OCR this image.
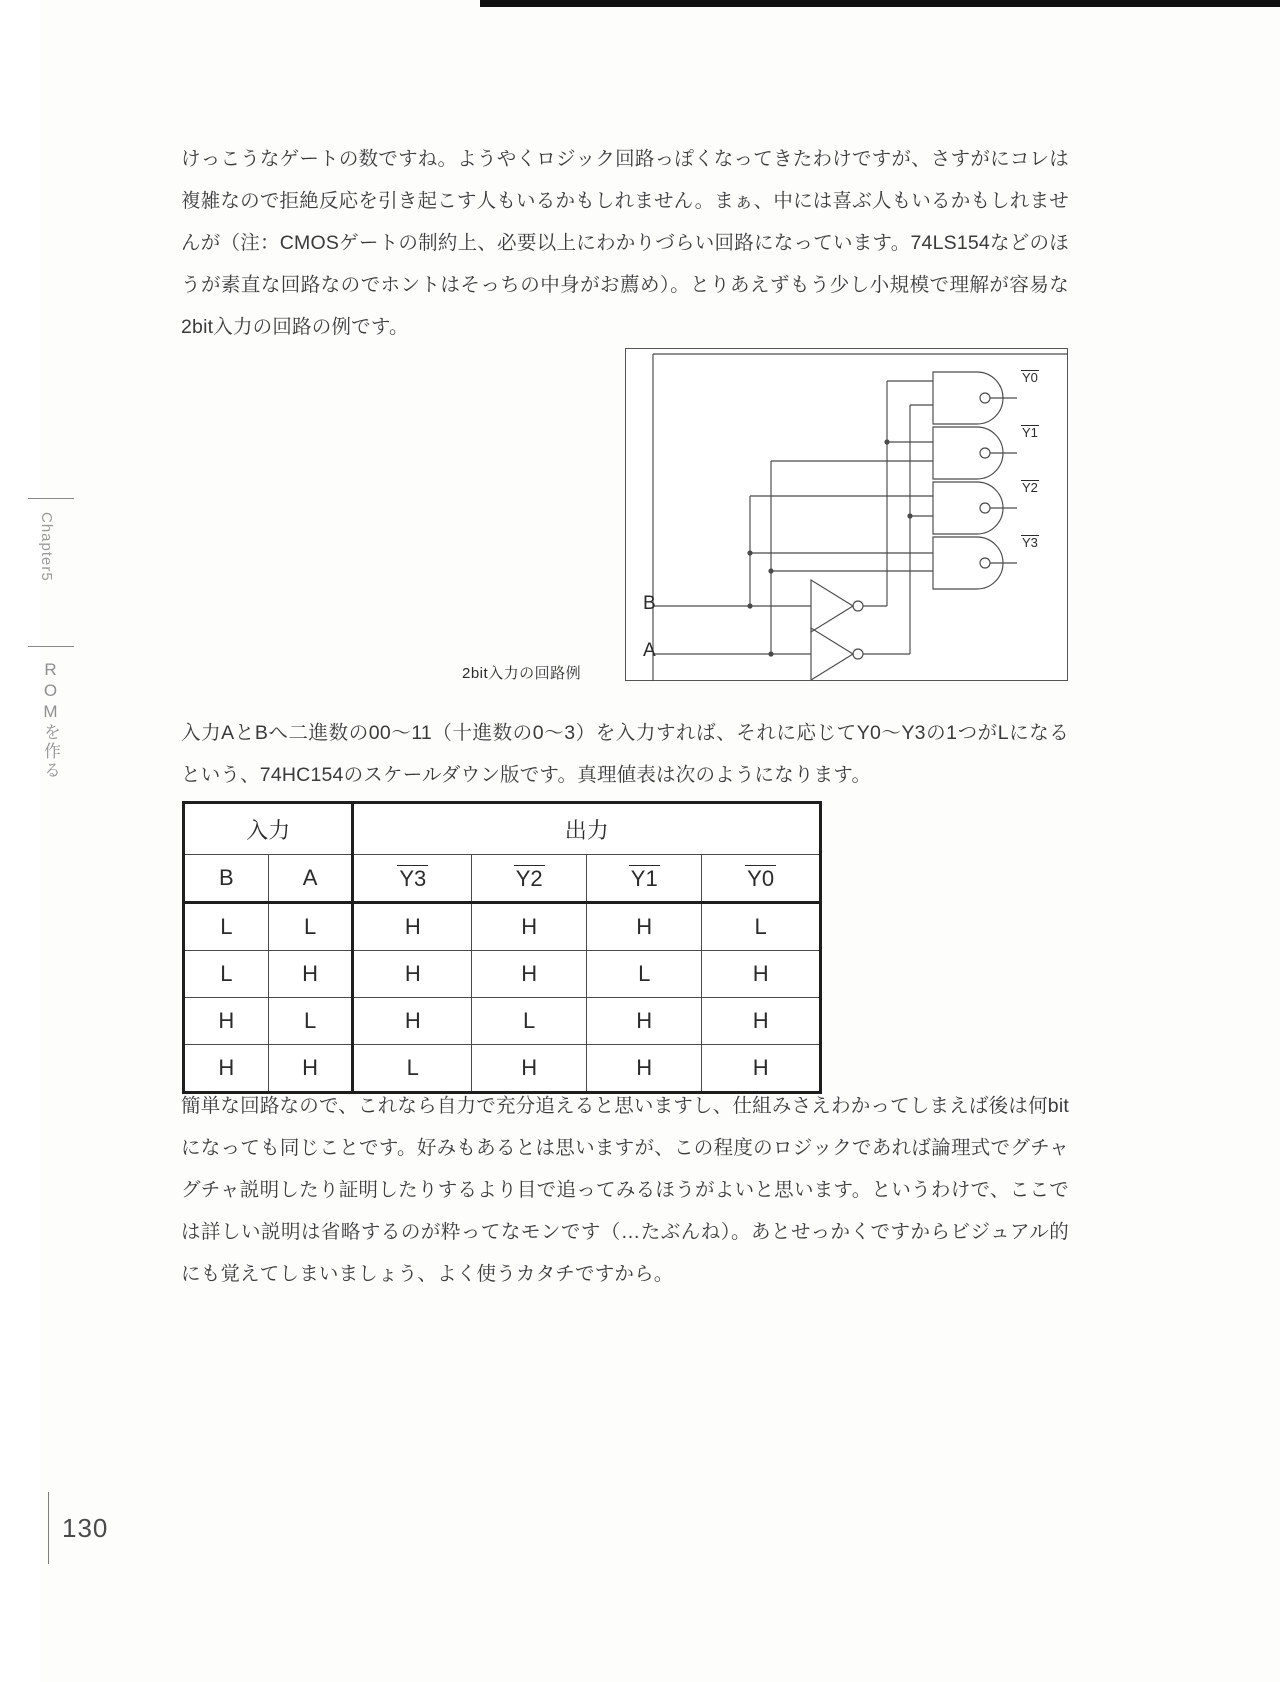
Chapter5
ROMを作る

けっこうなゲートの数ですね。ようやくロジック回路っぽくなってきたわけですが、さすがにコレは複雑なので拒絶反応を引き起こす人もいるかもしれません。まぁ、中には喜ぶ人もいるかもしれませんが（注：CMOSゲートの制約上、必要以上にわかりづらい回路になっています。74LS154などのほうが素直な回路なのでホントはそっちの中身がお薦め）。とりあえずもう少し小規模で理解が容易な2bit入力の回路の例です。

B
A
Y0
Y1
Y2
Y3
2bit入力の回路例

入力AとBへ二進数の00〜11（十進数の0〜3）を入力すれば、それに応じてY0〜Y3の1つがLになるという、74HC154のスケールダウン版です。真理値表は次のようになります。

入力		出力			
B	A	Y3	Y2	Y1	Y0
L	L	H	H	H	L
L	H	H	H	L	H
H	L	H	L	H	H
H	H	L	H	H	H

簡単な回路なので、これなら自力で充分追えると思いますし、仕組みさえわかってしまえば後は何bitになっても同じことです。好みもあるとは思いますが、この程度のロジックであれば論理式でグチャグチャ説明したり証明したりするより目で追ってみるほうがよいと思います。というわけで、ここでは詳しい説明は省略するのが粋ってなモンです（…たぶんね）。あとせっかくですからビジュアル的にも覚えてしまいましょう、よく使うカタチですから。

130
